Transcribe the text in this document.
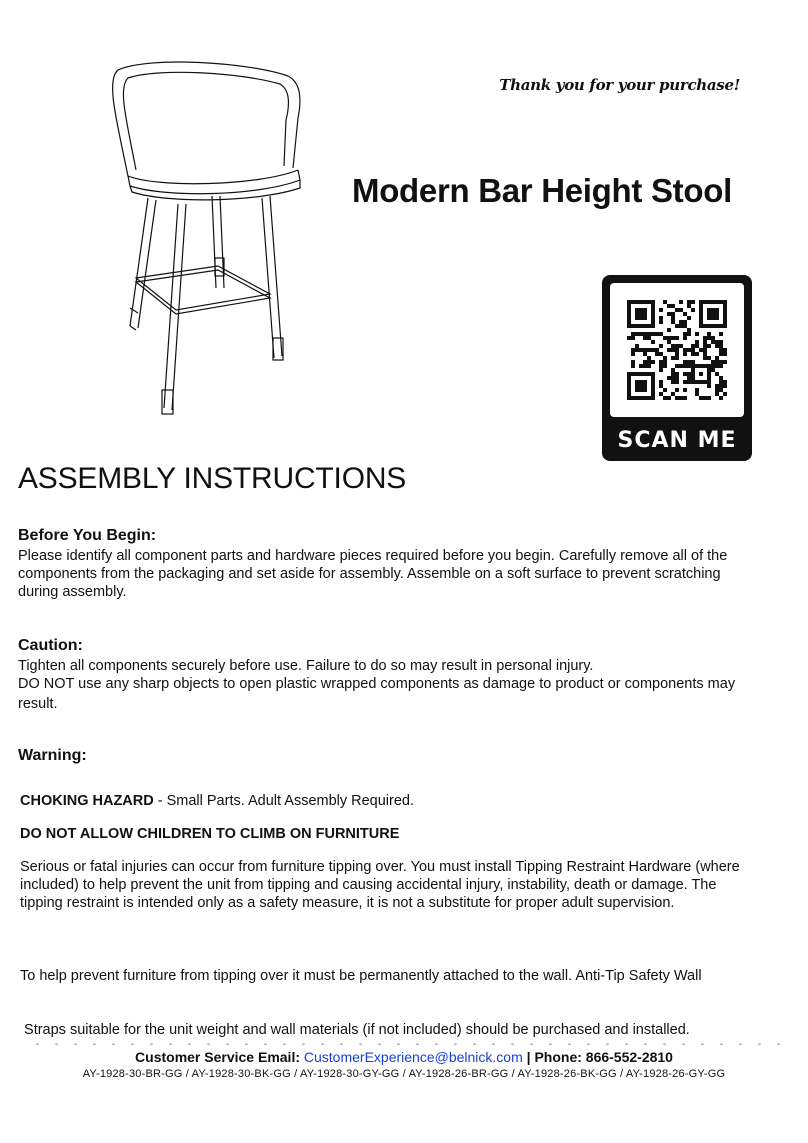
Thank you for your purchase!
Modern Bar Height Stool
SCAN ME
ASSEMBLY INSTRUCTIONS
Before You Begin:
Please identify all component parts and hardware pieces required before you begin. Carefully remove all of the
components from the packaging and set aside for assembly. Assemble on a soft surface to prevent scratching
during assembly.
Caution:
Tighten all components securely before use. Failure to do so may result in personal injury.
DO NOT use any sharp objects to open plastic wrapped components as damage to product or components may
result.
Warning:
CHOKING HAZARD - Small Parts. Adult Assembly Required.
DO NOT ALLOW CHILDREN TO CLIMB ON FURNITURE
Serious or fatal injuries can occur from furniture tipping over. You must install Tipping Restraint Hardware (where
included) to help prevent the unit from tipping and causing accidental injury, instability, death or damage. The
tipping restraint is intended only as a safety measure, it is not a substitute for proper adult supervision.

To help prevent furniture from tipping over it must be permanently attached to the wall. Anti-Tip Safety Wall

Straps suitable for the unit weight and wall materials (if not included) should be purchased and installed.

Customer Service Email: CustomerExperience@belnick.com | Phone: 866-552-2810
AY-1928-30-BR-GG / AY-1928-30-BK-GG / AY-1928-30-GY-GG / AY-1928-26-BR-GG / AY-1928-26-BK-GG / AY-1928-26-GY-GG
